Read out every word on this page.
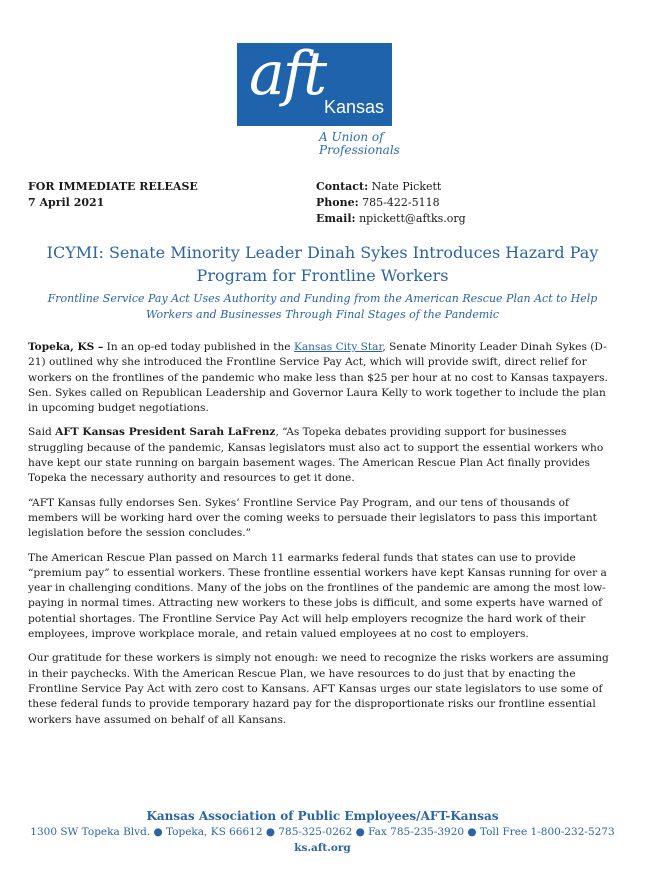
aft
Kansas
A Union of
Professionals
FOR IMMEDIATE RELEASE
7 April 2021
Contact: Nate Pickett
Phone: 785-422-5118
Email: npickett@aftks.org
ICYMI: Senate Minority Leader Dinah Sykes Introduces Hazard Pay Program for Frontline Workers
Frontline Service Pay Act Uses Authority and Funding from the American Rescue Plan Act to Help Workers and Businesses Through Final Stages of the Pandemic

Topeka, KS – In an op-ed today published in the Kansas City Star, Senate Minority Leader Dinah Sykes (D-21) outlined why she introduced the Frontline Service Pay Act, which will provide swift, direct relief for workers on the frontlines of the pandemic who make less than $25 per hour at no cost to Kansas taxpayers. Sen. Sykes called on Republican Leadership and Governor Laura Kelly to work together to include the plan in upcoming budget negotiations.

Said AFT Kansas President Sarah LaFrenz, “As Topeka debates providing support for businesses struggling because of the pandemic, Kansas legislators must also act to support the essential workers who have kept our state running on bargain basement wages. The American Rescue Plan Act finally provides Topeka the necessary authority and resources to get it done.

“AFT Kansas fully endorses Sen. Sykes’ Frontline Service Pay Program, and our tens of thousands of members will be working hard over the coming weeks to persuade their legislators to pass this important legislation before the session concludes.”

The American Rescue Plan passed on March 11 earmarks federal funds that states can use to provide “premium pay” to essential workers. These frontline essential workers have kept Kansas running for over a year in challenging conditions. Many of the jobs on the frontlines of the pandemic are among the most low-paying in normal times. Attracting new workers to these jobs is difficult, and some experts have warned of potential shortages. The Frontline Service Pay Act will help employers recognize the hard work of their employees, improve workplace morale, and retain valued employees at no cost to employers.

Our gratitude for these workers is simply not enough: we need to recognize the risks workers are assuming in their paychecks. With the American Rescue Plan, we have resources to do just that by enacting the Frontline Service Pay Act with zero cost to Kansans. AFT Kansas urges our state legislators to use some of these federal funds to provide temporary hazard pay for the disproportionate risks our frontline essential workers have assumed on behalf of all Kansans.

Kansas Association of Public Employees/AFT-Kansas
1300 SW Topeka Blvd. ● Topeka, KS 66612 ● 785-325-0262 ● Fax 785-235-3920 ● Toll Free 1-800-232-5273
ks.aft.org
